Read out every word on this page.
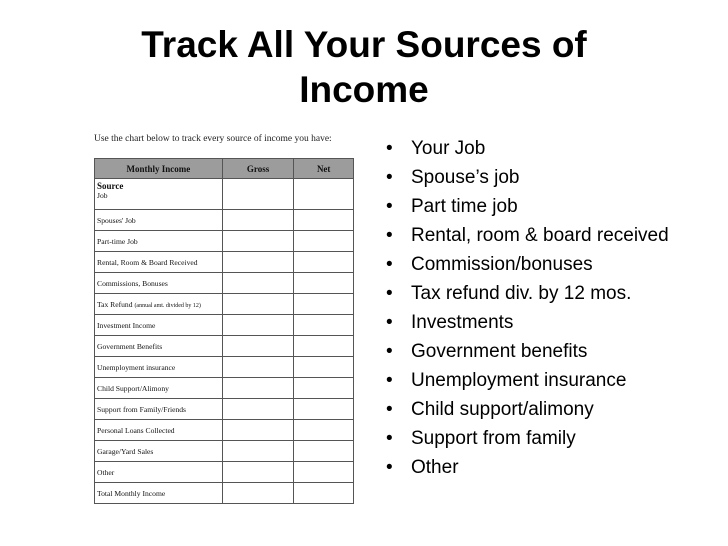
Track All Your Sources of
Income
Use the chart below to track every source of income you have:
Monthly Income	Gross	Net

Source
Job		

Spouses' Job		
Part-time Job		
Rental, Room & Board Received		
Commissions, Bonuses		
Tax Refund (annual amt. divided by 12)		
Investment Income		
Government Benefits		
Unemployment insurance		
Child Support/Alimony		
Support from Family/Friends		
Personal Loans Collected		
Garage/Yard Sales		
Other		
Total Monthly Income		
• Your Job
• Spouse’s job
• Part time job
• Rental, room & board received
• Commission/bonuses
• Tax refund div. by 12 mos.
• Investments
• Government benefits
• Unemployment insurance
• Child support/alimony
• Support from family
• Other
